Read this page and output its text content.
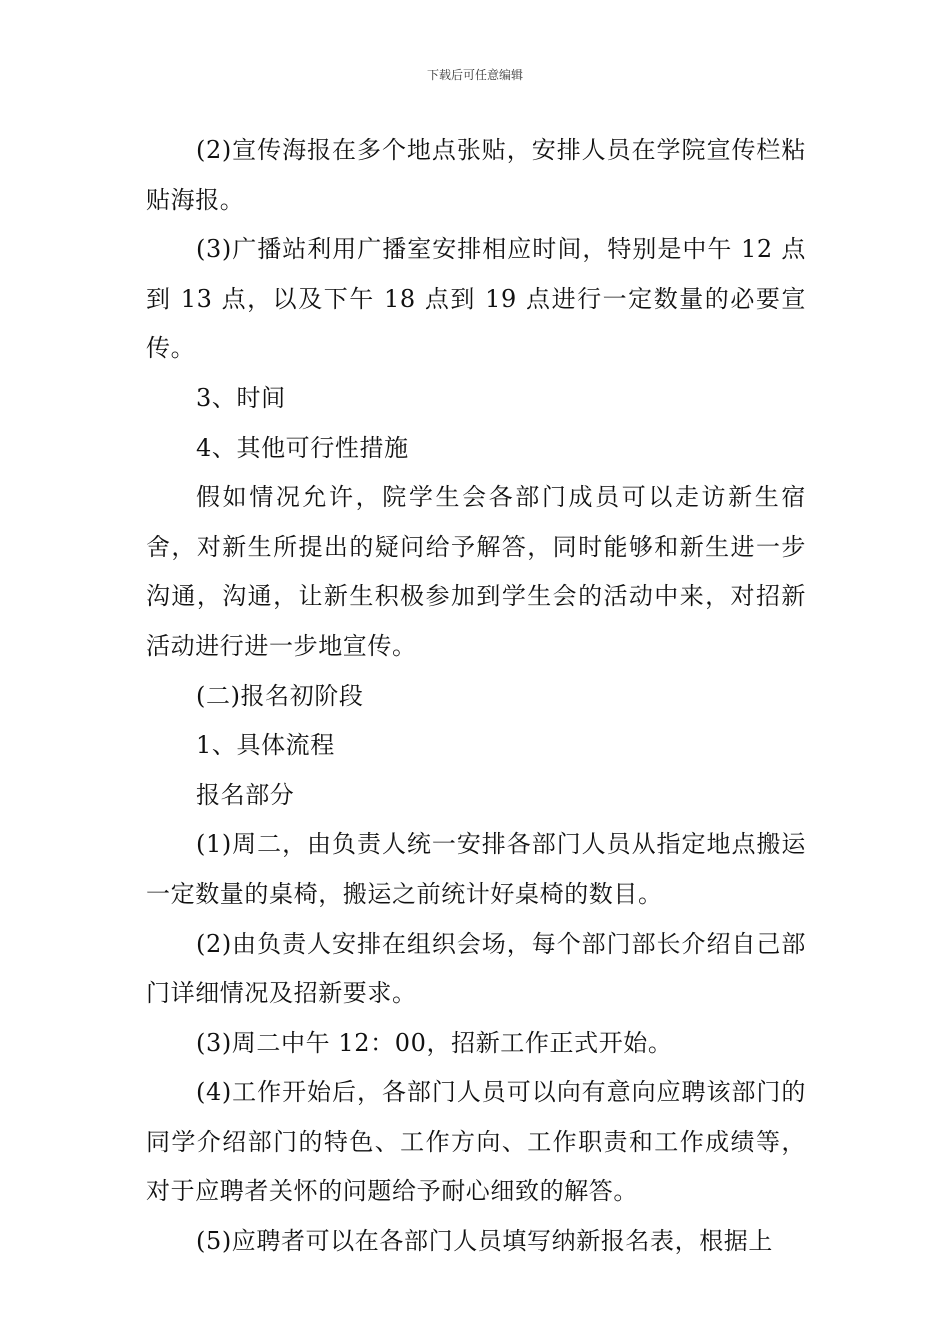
下载后可任意编辑

(2)宣传海报在多个地点张贴，安排人员在学院宣传栏粘贴海报。

(3)广播站利用广播室安排相应时间，特别是中午 12 点到 13 点，以及下午 18 点到 19 点进行一定数量的必要宣传。

3、时间

4、其他可行性措施

假如情况允许，院学生会各部门成员可以走访新生宿舍，对新生所提出的疑问给予解答，同时能够和新生进一步沟通，沟通，让新生积极参加到学生会的活动中来，对招新活动进行进一步地宣传。

(二)报名初阶段

1、具体流程

报名部分

(1)周二，由负责人统一安排各部门人员从指定地点搬运一定数量的桌椅，搬运之前统计好桌椅的数目。

(2)由负责人安排在组织会场，每个部门部长介绍自己部门详细情况及招新要求。

(3)周二中午 12：00，招新工作正式开始。

(4)工作开始后，各部门人员可以向有意向应聘该部门的同学介绍部门的特色、工作方向、工作职责和工作成绩等，对于应聘者关怀的问题给予耐心细致的解答。

(5)应聘者可以在各部门人员填写纳新报名表，根据上
